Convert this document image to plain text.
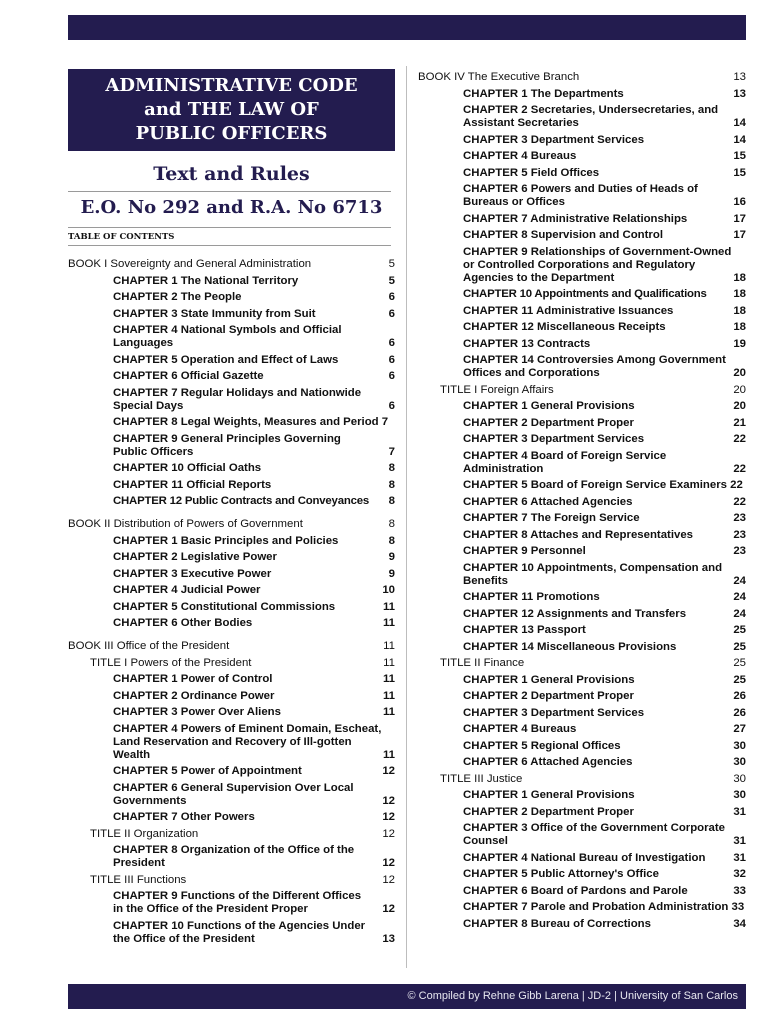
ADMINISTRATIVE CODE
and THE LAW OF
PUBLIC OFFICERS
Text and Rules
E.O. No 292 and R.A. No 6713
TABLE OF CONTENTS
BOOK I Sovereignty and General Administration	5
CHAPTER 1 The National Territory	5
CHAPTER 2 The People	6
CHAPTER 3 State Immunity from Suit	6
CHAPTER 4 National Symbols and Official Languages	6
CHAPTER 5 Operation and Effect of Laws	6
CHAPTER 6 Official Gazette	6
CHAPTER 7 Regular Holidays and Nationwide Special Days	6
CHAPTER 8 Legal Weights, Measures and Period 7
CHAPTER 9 General Principles Governing Public Officers	7
CHAPTER 10 Official Oaths	8
CHAPTER 11 Official Reports	8
CHAPTER 12 Public Contracts and Conveyances	8
BOOK II Distribution of Powers of Government	8
CHAPTER 1 Basic Principles and Policies	8
CHAPTER 2 Legislative Power	9
CHAPTER 3 Executive Power	9
CHAPTER 4 Judicial Power	10
CHAPTER 5 Constitutional Commissions	11
CHAPTER 6 Other Bodies	11
BOOK III Office of the President	11
TITLE I Powers of the President	11
CHAPTER 1 Power of Control	11
CHAPTER 2 Ordinance Power	11
CHAPTER 3 Power Over Aliens	11
CHAPTER 4 Powers of Eminent Domain, Escheat, Land Reservation and Recovery of Ill-gotten Wealth	11
CHAPTER 5 Power of Appointment	12
CHAPTER 6 General Supervision Over Local Governments	12
CHAPTER 7 Other Powers	12
TITLE II Organization	12
CHAPTER 8 Organization of the Office of the President	12
TITLE III Functions	12
CHAPTER 9 Functions of the Different Offices in the Office of the President Proper	12
CHAPTER 10 Functions of the Agencies Under the Office of the President	13
BOOK IV The Executive Branch	13
CHAPTER 1 The Departments	13
CHAPTER 2 Secretaries, Undersecretaries, and Assistant Secretaries	14
CHAPTER 3 Department Services	14
CHAPTER 4 Bureaus	15
CHAPTER 5 Field Offices	15
CHAPTER 6 Powers and Duties of Heads of Bureaus or Offices	16
CHAPTER 7 Administrative Relationships	17
CHAPTER 8 Supervision and Control	17
CHAPTER 9 Relationships of Government-Owned or Controlled Corporations and Regulatory Agencies to the Department	18
CHAPTER 10 Appointments and Qualifications	18
CHAPTER 11 Administrative Issuances	18
CHAPTER 12 Miscellaneous Receipts	18
CHAPTER 13 Contracts	19
CHAPTER 14 Controversies Among Government Offices and Corporations	20
TITLE I Foreign Affairs	20
CHAPTER 1 General Provisions	20
CHAPTER 2 Department Proper	21
CHAPTER 3 Department Services	22
CHAPTER 4 Board of Foreign Service Administration	22
CHAPTER 5 Board of Foreign Service Examiners 22
CHAPTER 6 Attached Agencies	22
CHAPTER 7 The Foreign Service	23
CHAPTER 8 Attaches and Representatives	23
CHAPTER 9 Personnel	23
CHAPTER 10 Appointments, Compensation and Benefits	24
CHAPTER 11 Promotions	24
CHAPTER 12 Assignments and Transfers	24
CHAPTER 13 Passport	25
CHAPTER 14 Miscellaneous Provisions	25
TITLE II Finance	25
CHAPTER 1 General Provisions	25
CHAPTER 2 Department Proper	26
CHAPTER 3 Department Services	26
CHAPTER 4 Bureaus	27
CHAPTER 5 Regional Offices	30
CHAPTER 6 Attached Agencies	30
TITLE III Justice	30
CHAPTER 1 General Provisions	30
CHAPTER 2 Department Proper	31
CHAPTER 3 Office of the Government Corporate Counsel	31
CHAPTER 4 National Bureau of Investigation	31
CHAPTER 5 Public Attorney's Office	32
CHAPTER 6 Board of Pardons and Parole	33
CHAPTER 7 Parole and Probation Administration 33
CHAPTER 8 Bureau of Corrections	34
© Compiled by Rehne Gibb Larena | JD-2 | University of San Carlos
